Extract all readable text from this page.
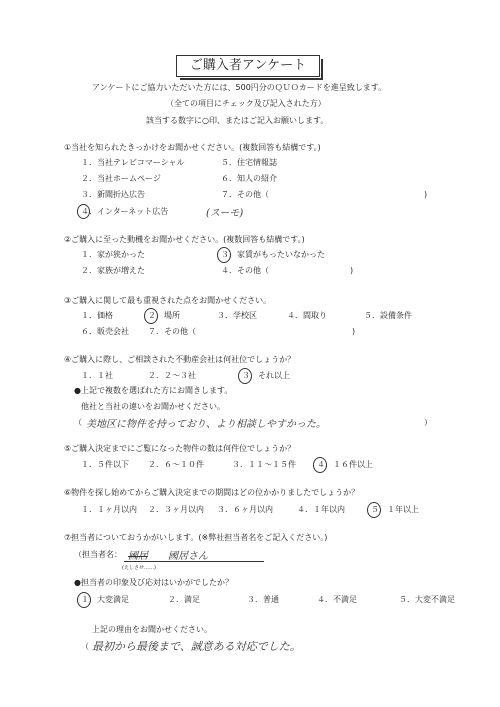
ご購入者アンケート
アンケートにご協力いただいた方には、500円分のＱＵＯカードを進呈致します。
（全ての項目にチェック及び記入された方）
該当する数字に○印、またはご記入お願いします。
①当社を知られたきっかけをお聞かせください。(複数回答も結構です。)
１．当社テレビコマーシャル	５．住宅情報誌
２．当社ホームページ	６．知人の紹介
３．新聞折込広告	７．その他（	)
４．インターネット広告	(スーモ)
②ご購入に至った動機をお聞かせください。(複数回答も結構です。)
１．家が狭かった	３．家賃がもったいなかった
２．家族が増えた	４．その他（	)
③ご購入に関して最も重視された点をお聞かせください。
１．価格	２．場所	３．学校区	４．間取り	５．設備条件
６．販売会社 ７．その他（	)
④ご購入に際し、ご相談された不動産会社は何社位でしょうか？
１．１社	２．２～３社	３．それ以上
●上記で複数を選ばれた方にお聞きします。
他社と当社の違いをお聞かせください。
（ 美地区に物件を持っており、より相談しやすかった。	）
⑤ご購入決定までにご覧になった物件の数は何件位でしょうか？
１．５件以下 ２．６～１０件	３．１１～１５件	４．１６件以上
⑥物件を探し始めてからご購入決定までの期間はどの位かかりましたでしょうか？
１．１ヶ月以内 ２．３ヶ月以内 ３．６ヶ月以内	４．１年以内	５．１年以上
⑦担当者についておうかがいします。(※弊社担当者名をご記入ください。)
（担当者名： 國居 國居さん
(えしさせ……)
●担当者の印象及び応対はいかがでしたか？
１．大変満足	２．満足	３．普通	４．不満足	５．大変不満足
上記の理由をお聞かせください。
（ 最初から最後まで、誠意ある対応でした。
